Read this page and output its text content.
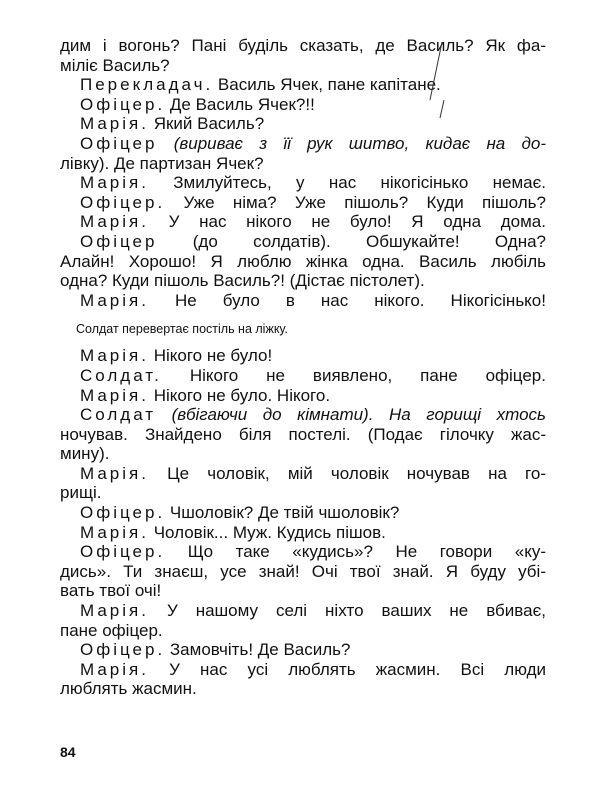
дим і вогонь? Пані буділь сказать, де Василь? Як фа-

міліє Василь?

Перекладач. Василь Ячек, пане капітане.

Офіцер. Де Василь Ячек?!!

Марія. Який Василь?

Офіцер (вириває з її рук шитво, кидає на до-

лівку). Де партизан Ячек?

Марія. Змилуйтесь, у нас нікогісінько немає.

Офіцер. Уже німа? Уже пішоль? Куди пішоль?

Марія. У нас нікого не було! Я одна дома.

Офіцер (до солдатів). Обшукайте! Одна?

Алайн! Хорошо! Я люблю жінка одна. Василь любіль

одна? Куди пішоль Василь?! (Дістає пістолет).

Марія. Не було в нас нікого. Нікогісінько!

Солдат перевертає постіль на ліжку.

Марія. Нікого не було!

Солдат. Нікого не виявлено, пане офіцер.

Марія. Нікого не було. Нікого.

Солдат (вбігаючи до кімнати). На горищі хтось

ночував. Знайдено біля постелі. (Подає гілочку жас-

мину).

Марія. Це чоловік, мій чоловік ночував на го-

рищі.

Офіцер. Чшоловік? Де твій чшоловік?

Марія. Чоловік... Муж. Кудись пішов.

Офіцер. Що таке «кудись»? Не говори «ку-

дись». Ти знаєш, усе знай! Очі твої знай. Я буду убі-

вать твої очі!

Марія. У нашому селі ніхто ваших не вбиває,

пане офіцер.

Офіцер. Замовчіть! Де Василь?

Марія. У нас усі люблять жасмин. Всі люди

люблять жасмин.

84
